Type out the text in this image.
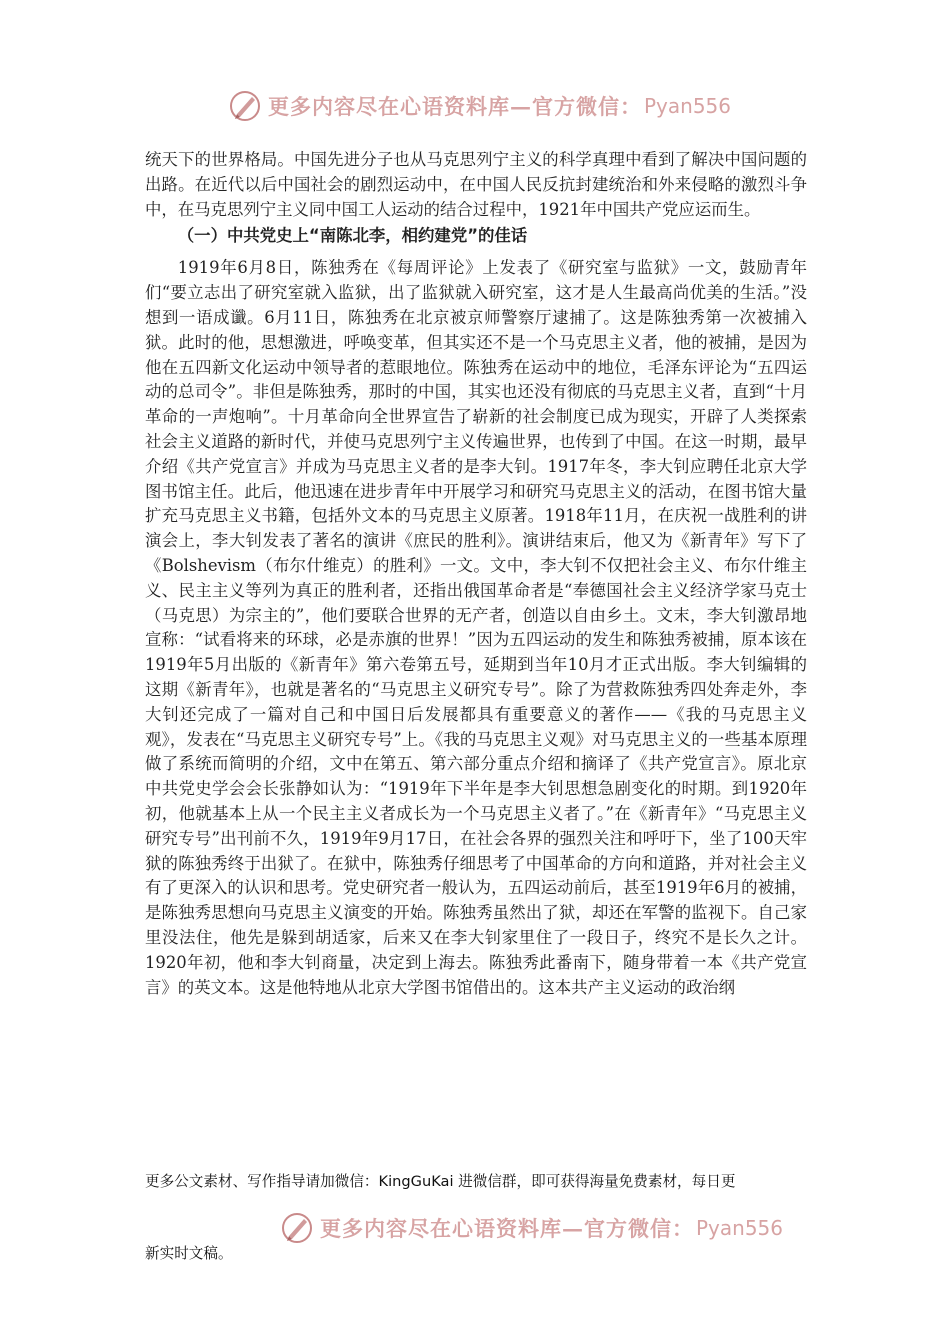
更多内容尽在心语资料库—官方微信： Pyan556

统天下的世界格局。中国先进分子也从马克思列宁主义的科学真理中看到了解决中国问题的出路。在近代以后中国社会的剧烈运动中，在中国人民反抗封建统治和外来侵略的激烈斗争中，在马克思列宁主义同中国工人运动的结合过程中，1921年中国共产党应运而生。

（一）中共党史上“南陈北李，相约建党”的佳话

1919年6月8日，陈独秀在《每周评论》上发表了《研究室与监狱》一文，鼓励青年们“要立志出了研究室就入监狱，出了监狱就入研究室，这才是人生最高尚优美的生活。”没想到一语成谶。6月11日，陈独秀在北京被京师警察厅逮捕了。这是陈独秀第一次被捕入狱。此时的他，思想激进，呼唤变革，但其实还不是一个马克思主义者，他的被捕，是因为他在五四新文化运动中领导者的惹眼地位。陈独秀在运动中的地位，毛泽东评论为“五四运动的总司令”。非但是陈独秀，那时的中国，其实也还没有彻底的马克思主义者，直到“十月革命的一声炮响”。十月革命向全世界宣告了崭新的社会制度已成为现实，开辟了人类探索社会主义道路的新时代，并使马克思列宁主义传遍世界，也传到了中国。在这一时期，最早介绍《共产党宣言》并成为马克思主义者的是李大钊。1917年冬，李大钊应聘任北京大学图书馆主任。此后，他迅速在进步青年中开展学习和研究马克思主义的活动，在图书馆大量扩充马克思主义书籍，包括外文本的马克思主义原著。1918年11月，在庆祝一战胜利的讲演会上，李大钊发表了著名的演讲《庶民的胜利》。演讲结束后，他又为《新青年》写下了《Bolshevism（布尔什维克）的胜利》一文。文中，李大钊不仅把社会主义、布尔什维主义、民主主义等列为真正的胜利者，还指出俄国革命者是“奉德国社会主义经济学家马克士（马克思）为宗主的”，他们要联合世界的无产者，创造以自由乡土。文末，李大钊激昂地宣称：“试看将来的环球，必是赤旗的世界！”因为五四运动的发生和陈独秀被捕，原本该在1919年5月出版的《新青年》第六卷第五号，延期到当年10月才正式出版。李大钊编辑的这期《新青年》，也就是著名的“马克思主义研究专号”。除了为营救陈独秀四处奔走外，李大钊还完成了一篇对自己和中国日后发展都具有重要意义的著作——《我的马克思主义观》，发表在“马克思主义研究专号”上。《我的马克思主义观》对马克思主义的一些基本原理做了系统而简明的介绍，文中在第五、第六部分重点介绍和摘译了《共产党宣言》。原北京中共党史学会会长张静如认为：“1919年下半年是李大钊思想急剧变化的时期。到1920年初，他就基本上从一个民主主义者成长为一个马克思主义者了。”在《新青年》“马克思主义研究专号”出刊前不久，1919年9月17日，在社会各界的强烈关注和呼吁下，坐了100天牢狱的陈独秀终于出狱了。在狱中，陈独秀仔细思考了中国革命的方向和道路，并对社会主义有了更深入的认识和思考。党史研究者一般认为，五四运动前后，甚至1919年6月的被捕，是陈独秀思想向马克思主义演变的开始。陈独秀虽然出了狱，却还在军警的监视下。自己家里没法住，他先是躲到胡适家，后来又在李大钊家里住了一段日子，终究不是长久之计。1920年初，他和李大钊商量，决定到上海去。陈独秀此番南下，随身带着一本《共产党宣言》的英文本。这是他特地从北京大学图书馆借出的。这本共产主义运动的政治纲

更多公文素材、写作指导请加微信：KingGuKai 进微信群，即可获得海量免费素材，每日更
更多内容尽在心语资料库—官方微信： Pyan556
新实时文稿。
